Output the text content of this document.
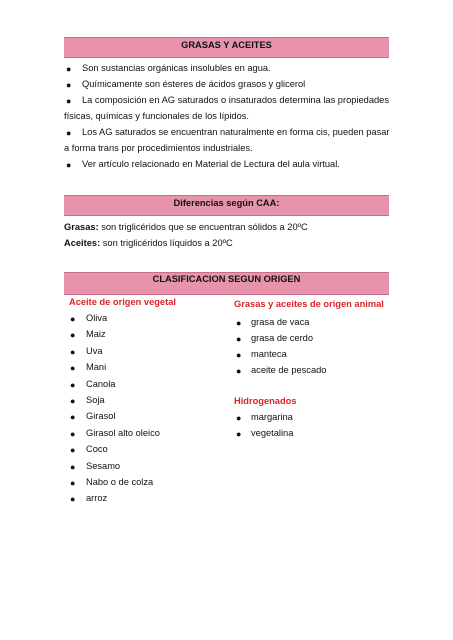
GRASAS Y ACEITES
● Son sustancias orgánicas insolubles en agua.
● Químicamente son ésteres de ácidos grasos y glicerol
● La composición en AG saturados o insaturados determina las propiedades
físicas, químicas y funcionales de los lípidos.
● Los AG saturados se encuentran naturalmente en forma cis, pueden pasar
a forma trans por procedimientos industriales.
● Ver artículo relacionado en Material de Lectura del aula virtual.
Diferencias según CAA:
Grasas: son triglicéridos que se encuentran sólidos a 20ºC
Aceites: son triglicéridos líquidos a 20ºC
CLASIFICACION SEGUN ORIGEN
Aceite de origen vegetal
● Oliva
● Maiz
● Uva
● Mani
● Canola
● Soja
● Girasol
● Girasol alto oleico
● Coco
● Sesamo
● Nabo o de colza
● arroz
Grasas y aceites de origen animal
● grasa de vaca
● grasa de cerdo
● manteca
● aceite de pescado
Hidrogenados
● margarina
● vegetalina
